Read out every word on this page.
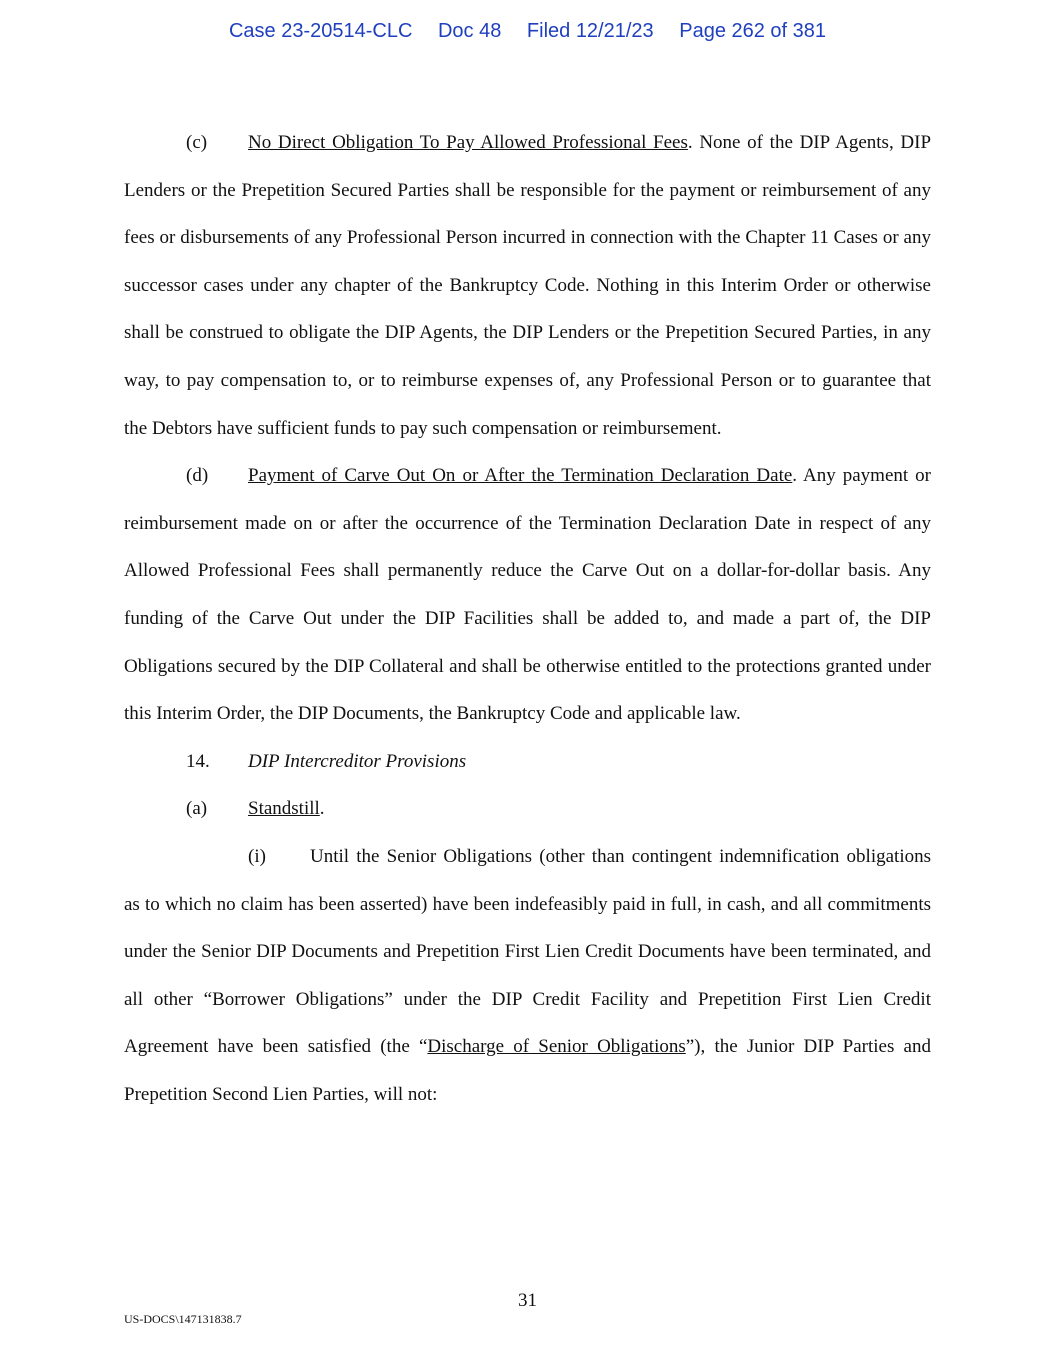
Case 23-20514-CLC Doc 48 Filed 12/21/23 Page 262 of 381

(c) No Direct Obligation To Pay Allowed Professional Fees. None of the DIP Agents, DIP Lenders or the Prepetition Secured Parties shall be responsible for the payment or reimbursement of any fees or disbursements of any Professional Person incurred in connection with the Chapter 11 Cases or any successor cases under any chapter of the Bankruptcy Code. Nothing in this Interim Order or otherwise shall be construed to obligate the DIP Agents, the DIP Lenders or the Prepetition Secured Parties, in any way, to pay compensation to, or to reimburse expenses of, any Professional Person or to guarantee that the Debtors have sufficient funds to pay such compensation or reimbursement.

(d) Payment of Carve Out On or After the Termination Declaration Date. Any payment or reimbursement made on or after the occurrence of the Termination Declaration Date in respect of any Allowed Professional Fees shall permanently reduce the Carve Out on a dollar-for-dollar basis. Any funding of the Carve Out under the DIP Facilities shall be added to, and made a part of, the DIP Obligations secured by the DIP Collateral and shall be otherwise entitled to the protections granted under this Interim Order, the DIP Documents, the Bankruptcy Code and applicable law.

14. DIP Intercreditor Provisions

(a) Standstill.

(i) Until the Senior Obligations (other than contingent indemnification obligations as to which no claim has been asserted) have been indefeasibly paid in full, in cash, and all commitments under the Senior DIP Documents and Prepetition First Lien Credit Documents have been terminated, and all other “Borrower Obligations” under the DIP Credit Facility and Prepetition First Lien Credit Agreement have been satisfied (the “Discharge of Senior Obligations”), the Junior DIP Parties and Prepetition Second Lien Parties, will not:

31
US-DOCS\147131838.7
